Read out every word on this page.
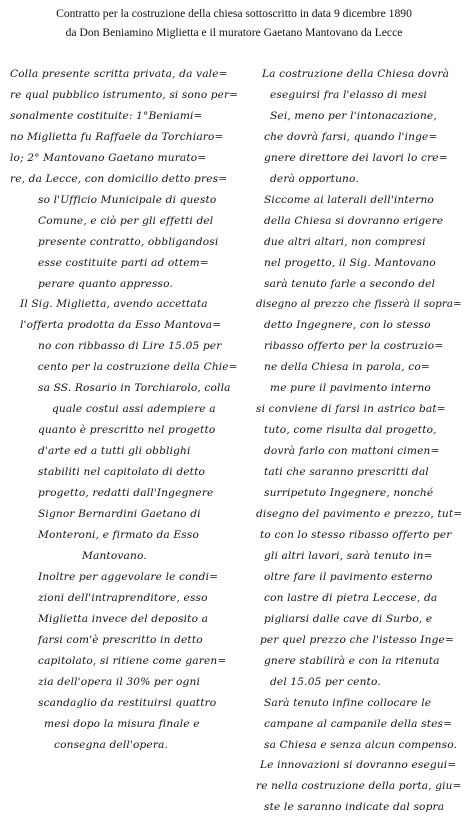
Contratto per la costruzione della chiesa sottoscritto in data 9 dicembre 1890
da Don Beniamino Miglietta e il muratore Gaetano Mantovano da Lecce
Colla presente scritta privata, da vale=
re qual pubblico istrumento, si sono per=
sonalmente costituite: 1°Beniami=
no Miglietta fu Raffaele da Torchiaro=
lo; 2° Mantovano Gaetano murato=
re, da Lecce, con domicilio detto pres=
so l'Ufficio Municipale di questo
Comune, e ciò per gli effetti del
presente contratto, obbligandosi
esse costituite parti ad ottem=
perare quanto appresso.
Il Sig. Miglietta, avendo accettata
l'offerta prodotta da Esso Mantova=
no con ribbasso di Lire 15.05 per
cento per la costruzione della Chie=
sa SS. Rosario in Torchiarolo, colla
quale costui assi adempiere a
quanto è prescritto nel progetto
d'arte ed a tutti gli obblighi
stabiliti nel capitolato di detto
progetto, redatti dall'Ingegnere
Signor Bernardini Gaetano di
Monteroni, e firmato da Esso
Mantovano.
Inoltre per aggevolare le condi=
zioni dell'intraprenditore, esso
Miglietta invece del deposito a
farsi com'è prescritto in detto
capitolato, si ritiene come garen=
zia dell'opera il 30% per ogni
scandaglio da restituirsi quattro
mesi dopo la misura finale e
consegna dell'opera.
La costruzione della Chiesa dovrà
eseguirsi fra l'elasso di mesi
Sei, meno per l'intonacazione,
che dovrà farsi, quando l'inge=
gnere direttore dei lavori lo cre=
derà opportuno.
Siccome ai laterali dell'interno
della Chiesa si dovranno erigere
due altri altari, non compresi
nel progetto, il Sig. Mantovano
sarà tenuto farle a secondo del
disegno al prezzo che fisserà il sopra=
detto Ingegnere, con lo stesso
ribasso offerto per la costruzio=
ne della Chiesa in parola, co=
me pure il pavimento interno
si conviene di farsi in astrico bat=
tuto, come risulta dal progetto,
dovrà farlo con mattoni cimen=
tati che saranno prescritti dal
surripetuto Ingegnere, nonché
disegno del pavimento e prezzo, tut=
to con lo stesso ribasso offerto per
gli altri lavori, sarà tenuto in=
oltre fare il pavimento esterno
con lastre di pietra Leccese, da
pigliarsi dalle cave di Surbo, e
per quel prezzo che l'istesso Inge=
gnere stabilirà e con la ritenuta
del 15.05 per cento.
Sarà tenuto infine collocare le
campane al campanile della stes=
sa Chiesa e senza alcun compenso.
Le innovazioni si dovranno esegui=
re nella costruzione della porta, giu=
ste le saranno indicate dal sopra
